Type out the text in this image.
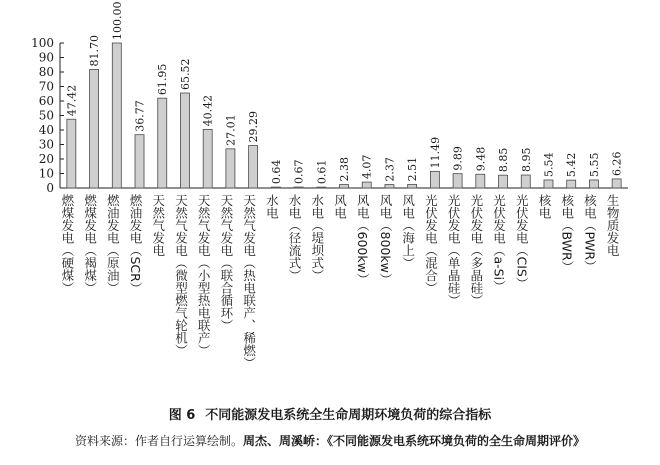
0
10
20
30
40
50
60
70
80
90
100
47.42
燃煤发电（硬煤）
81.70
燃煤发电（褐煤）
100.00
燃油发电（原油）
36.77
燃油发电（SCR）
61.95
天然气发电
65.52
天然气发电（微型燃气轮机）
40.42
天然气发电（小型热电联产）
27.01
天然气发电（联合循环）
29.29
天然气发电（热电联产、稀燃）
0.64
水电
0.67
水电（径流式）
0.61
水电（堤坝式）
2.38
风电
4.07
风电（600kw）
2.37
风电（800kw）
2.51
风电（海上）
11.49
光伏发电（混合）
9.89
光伏发电（单晶硅）
9.48
光伏发电（多晶硅）
8.85
光伏发电（a-Si）
8.95
光伏发电（CIS）
5.54
核电
5.42
核电（BWR）
5.55
核电（PWR）
6.26
生物质发电
图 6 不同能源发电系统全生命周期环境负荷的综合指标
资料来源：作者自行运算绘制。周杰、周溪峤：《不同能源发电系统环境负荷的全生命周期评价》
